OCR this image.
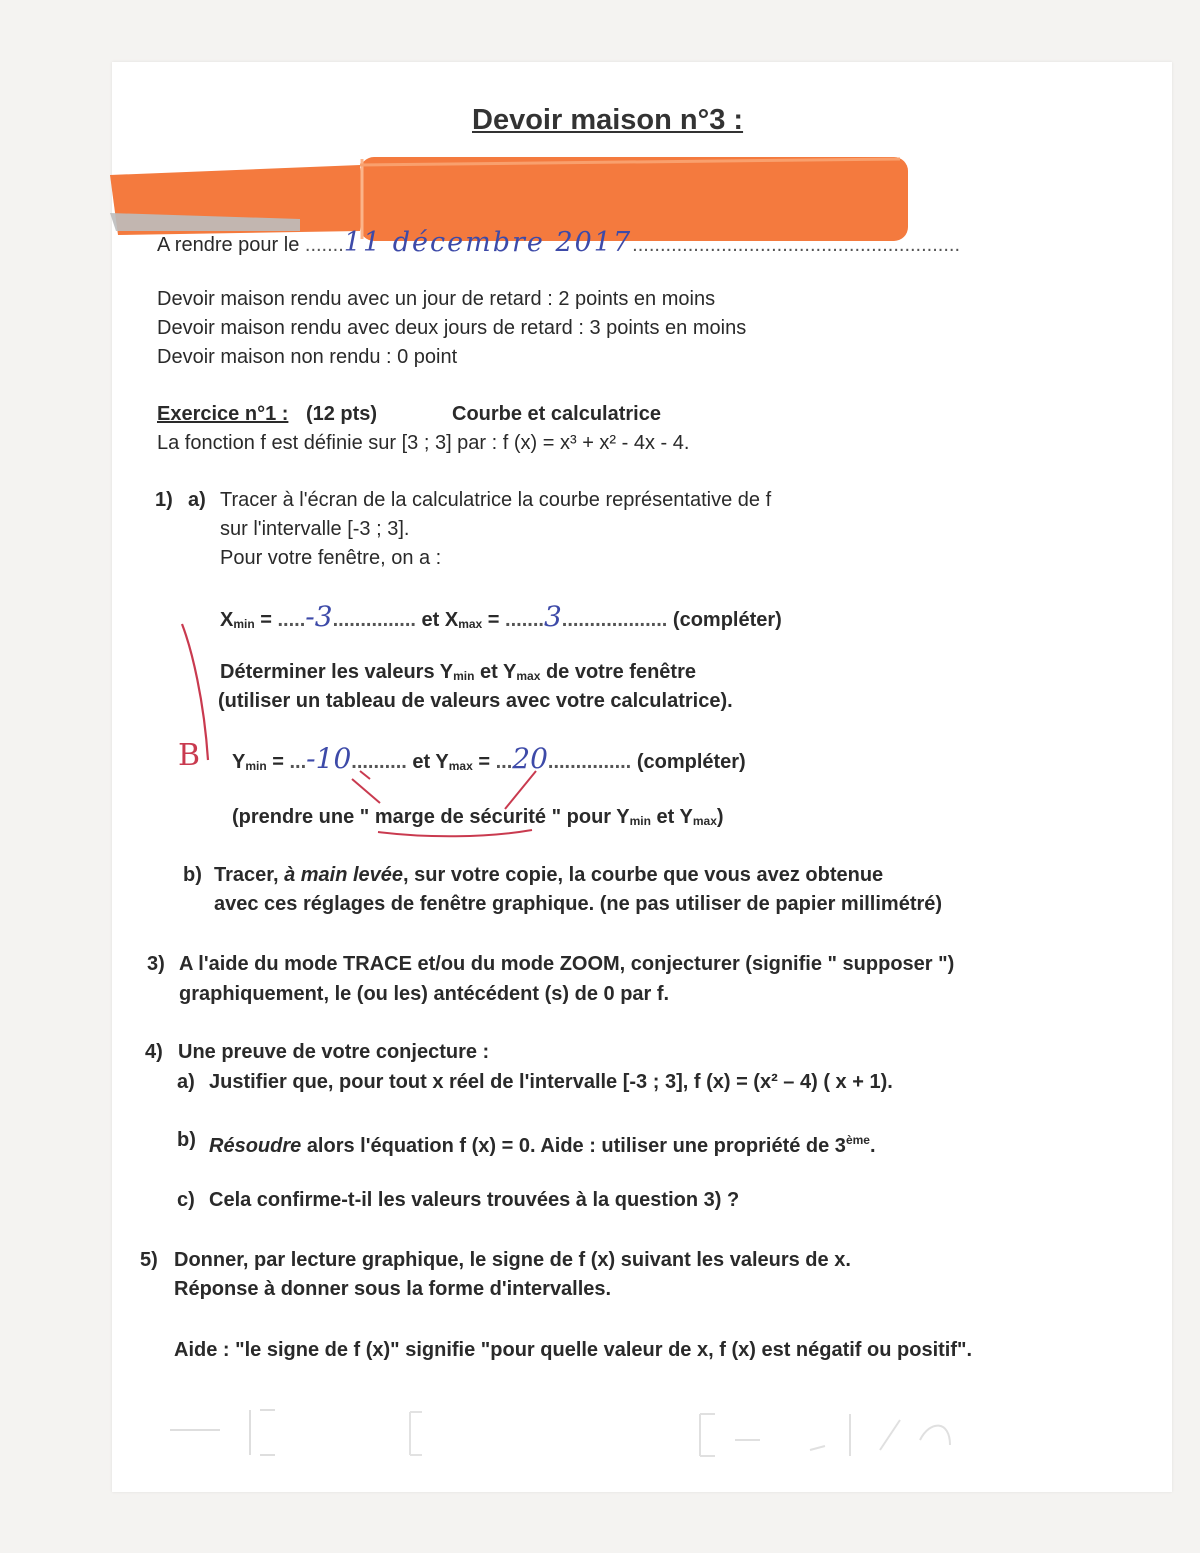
Devoir maison n°3 :
A rendre pour le .......11 décembre 2017...........................................................
Devoir maison rendu avec un jour de retard : 2 points en moins
Devoir maison rendu avec deux jours de retard : 3 points en moins
Devoir maison non rendu : 0 point
Exercice n°1 : (12 pts)	Courbe et calculatrice
La fonction f est définie sur [3 ; 3] par : f (x) = x³ + x² - 4x - 4.
1) a) Tracer à l'écran de la calculatrice la courbe représentative de f
sur l'intervalle [-3 ; 3].
Pour votre fenêtre, on a :
Xmin = .....-3............... et Xmax = .......3................... (compléter)
B
Déterminer les valeurs Ymin et Ymax de votre fenêtre
(utiliser un tableau de valeurs avec votre calculatrice).
Ymin = ...-10.......... et Ymax = ...20............... (compléter)
(prendre une " marge de sécurité " pour Ymin et Ymax)
b) Tracer, à main levée, sur votre copie, la courbe que vous avez obtenue
avec ces réglages de fenêtre graphique. (ne pas utiliser de papier millimétré)
3) A l'aide du mode TRACE et/ou du mode ZOOM, conjecturer (signifie " supposer ")
graphiquement, le (ou les) antécédent (s) de 0 par f.
4) Une preuve de votre conjecture :
a) Justifier que, pour tout x réel de l'intervalle [-3 ; 3], f (x) = (x² – 4) ( x + 1).
b) Résoudre alors l'équation f (x) = 0. Aide : utiliser une propriété de 3ème.
c) Cela confirme-t-il les valeurs trouvées à la question 3) ?
5) Donner, par lecture graphique, le signe de f (x) suivant les valeurs de x.
Réponse à donner sous la forme d'intervalles.
Aide : "le signe de f (x)" signifie "pour quelle valeur de x, f (x) est négatif ou positif".
